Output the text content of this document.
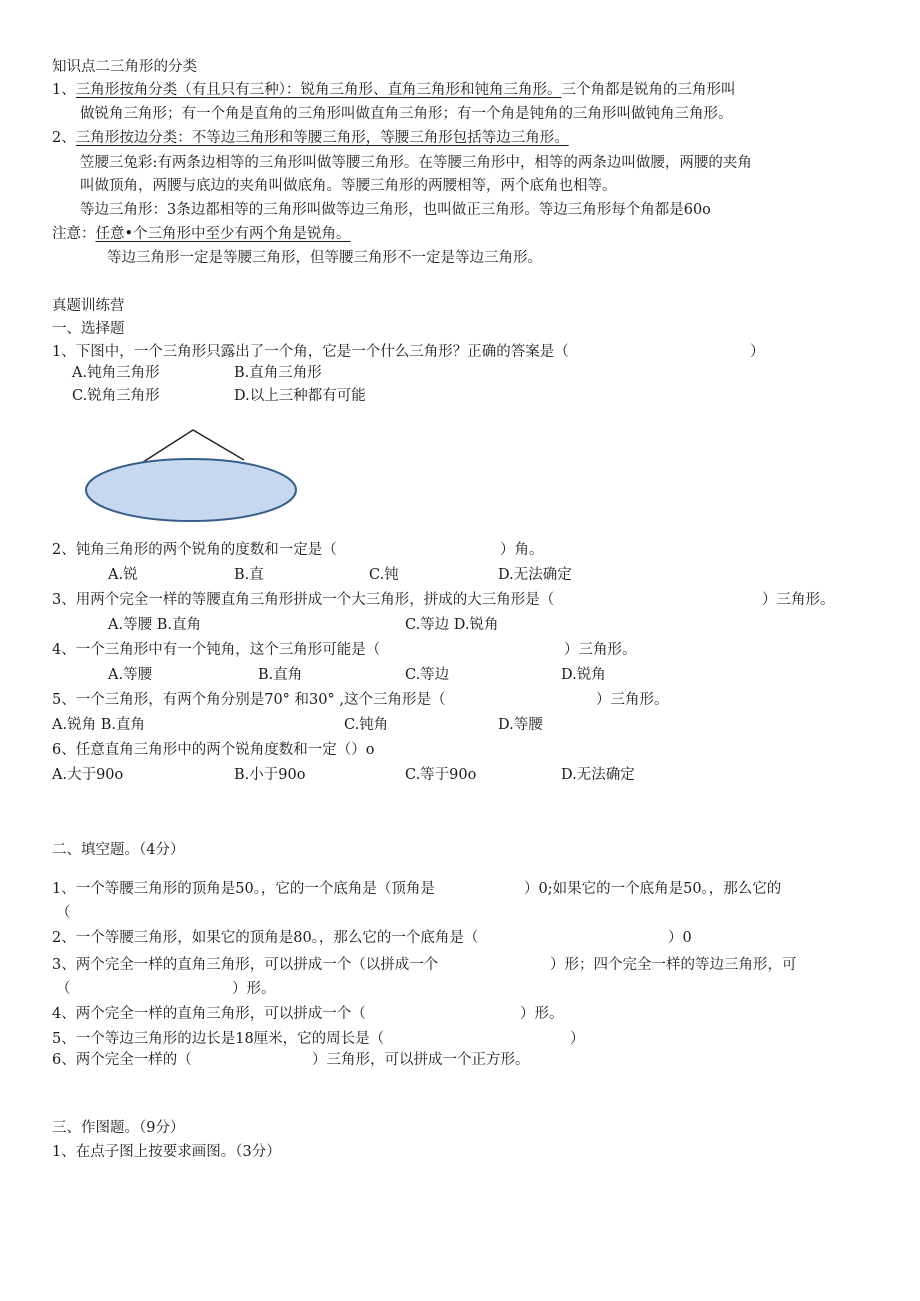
知识点二三角形的分类
1、三角形按角分类（有且只有三种）：锐角三角形、直角三角形和钝角三角形。三个角都是锐角的三角形叫
做锐角三角形；有一个角是直角的三角形叫做直角三角形；有一个角是钝角的三角形叫做钝角三角形。
2、三角形按边分类：不等边三角形和等腰三角形，等腰三角形包括等边三角形。
笠腰三兔彩:有两条边相等的三角形叫做等腰三角形。在等腰三角形中，相等的两条边叫做腰，两腰的夹角
叫做顶角，两腰与底边的夹角叫做底角。等腰三角形的两腰相等，两个底角也相等。
等边三角形：3条边都相等的三角形叫做等边三角形，也叫做正三角形。等边三角形每个角都是60o
注意：任意•个三角形中至少有两个角是锐角。
等边三角形一定是等腰三角形，但等腰三角形不一定是等边三角形。
真题训练营
一、选择题
1、下图中，一个三角形只露出了一个角，它是一个什么三角形？正确的答案是（	）
A.钝角三角形	B.直角三角形
C.锐角三角形	D.以上三种都有可能
2、钝角三角形的两个锐角的度数和一定是（	）角。
A.锐	B.直	C.钝	D.无法确定
3、用两个完全一样的等腰直角三角形拼成一个大三角形，拼成的大三角形是（	）三角形。
A.等腰 B.直角	C.等边 D.锐角
4、一个三角形中有一个钝角，这个三角形可能是（	）三角形。
A.等腰	B.直角	C.等边	D.锐角
5、一个三角形，有两个角分别是70° 和30° ,这个三角形是（	）三角形。
A.锐角 B.直角	C.钝角	D.等腰
6、任意直角三角形中的两个锐角度数和一定（）o
A.大于90o	B.小于90o	C.等于90o	D.无法确定
二、填空题。（4分）
1、一个等腰三角形的顶角是50。，它的一个底角是（顶角是	）0;如果它的一个底角是50。，那么它的
（
2、一个等腰三角形，如果它的顶角是80。，那么它的一个底角是（	）0
3、两个完全一样的直角三角形，可以拼成一个（以拼成一个	）形；四个完全一样的等边三角形，可
（	）形。
4、两个完全一样的直角三角形，可以拼成一个（	）形。
5、一个等边三角形的边长是18厘米，它的周长是（	）
6、两个完全一样的（	）三角形，可以拼成一个正方形。
三、作图题。（9分）
1、在点子图上按要求画图。（3分）
